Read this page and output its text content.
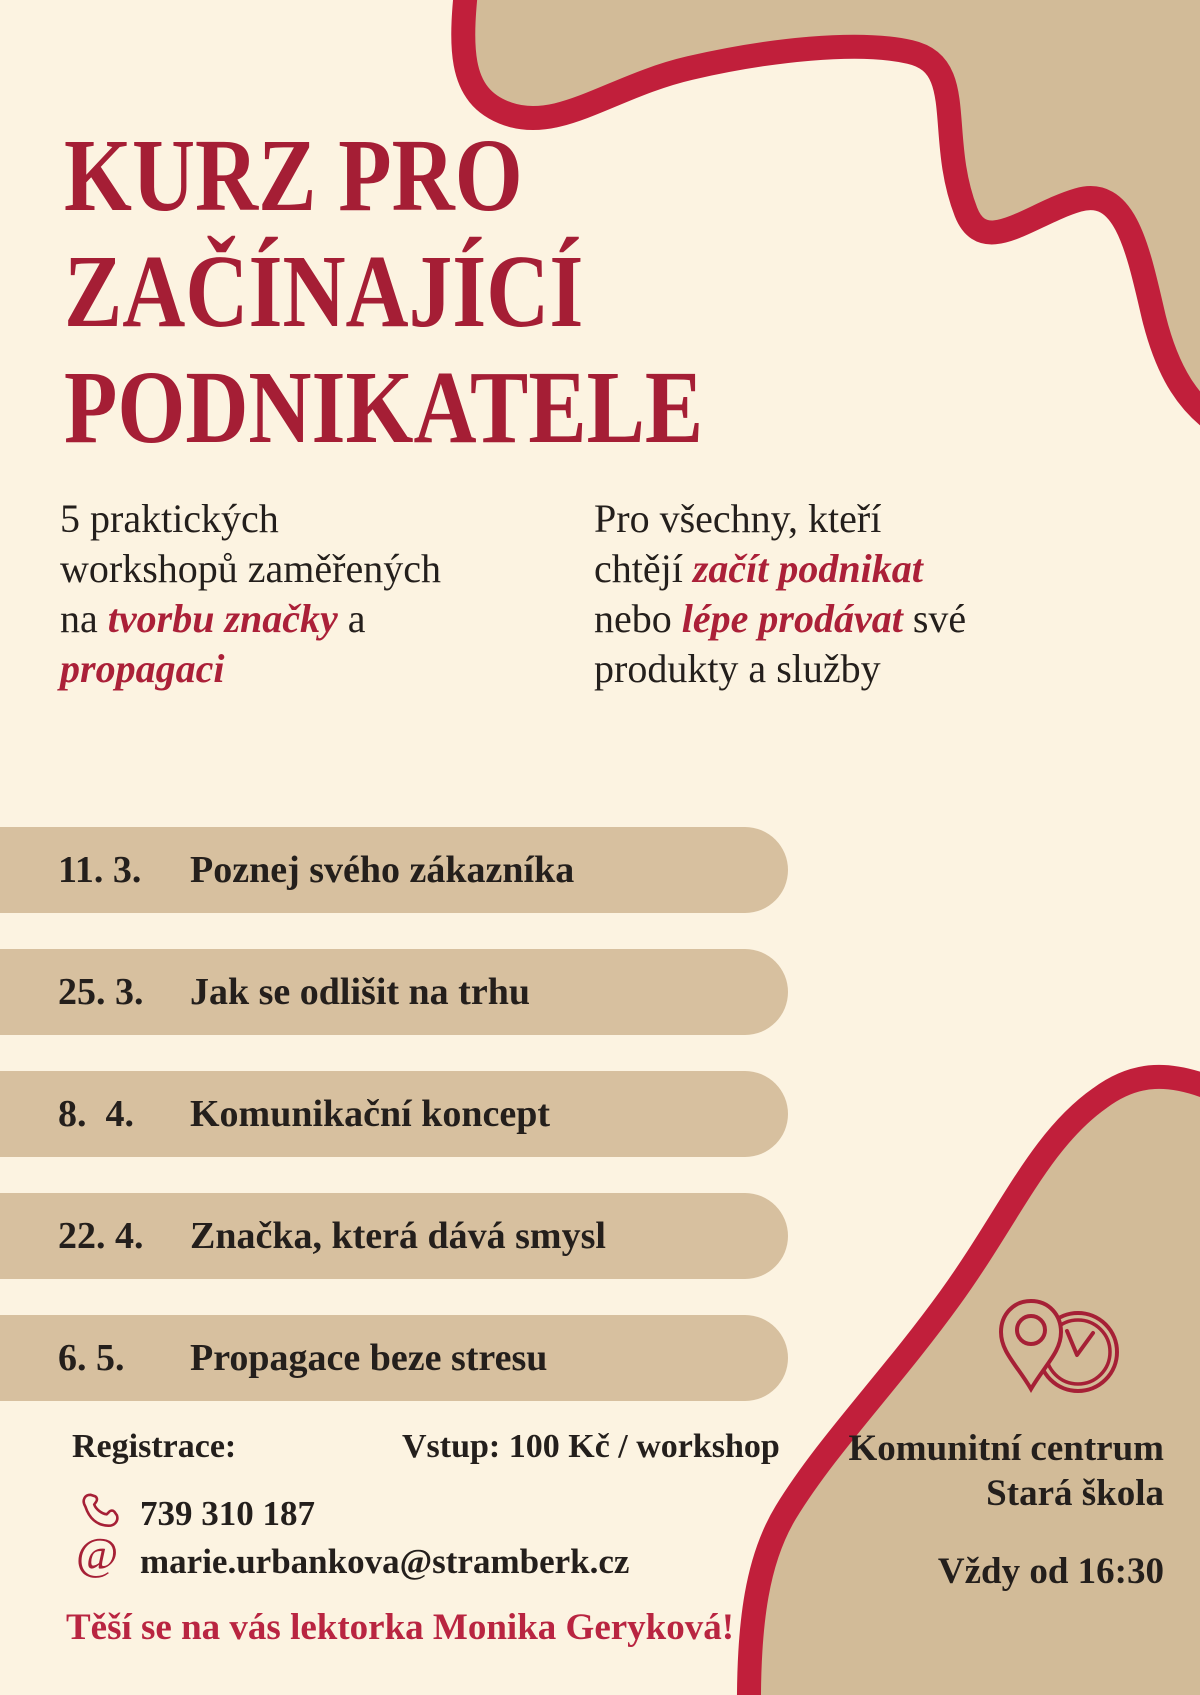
KURZ PRO
ZAČÍNAJÍCÍ
PODNIKATELE
5 praktických
workshopů zaměřených
na tvorbu značky a
propagaci
Pro všechny, kteří
chtějí začít podnikat
nebo lépe prodávat své
produkty a služby
11. 3.	Poznej svého zákazníka
25. 3.	Jak se odlišit na trhu
8.  4.	Komunikační koncept
22. 4.	Značka, která dává smysl
6. 5.	Propagace beze stresu
Registrace:	Vstup: 100 Kč / workshop
739 310 187
@ marie.urbankova@stramberk.cz
Těší se na vás lektorka Monika Geryková!
Komunitní centrum
Stará škola
Vždy od 16:30
